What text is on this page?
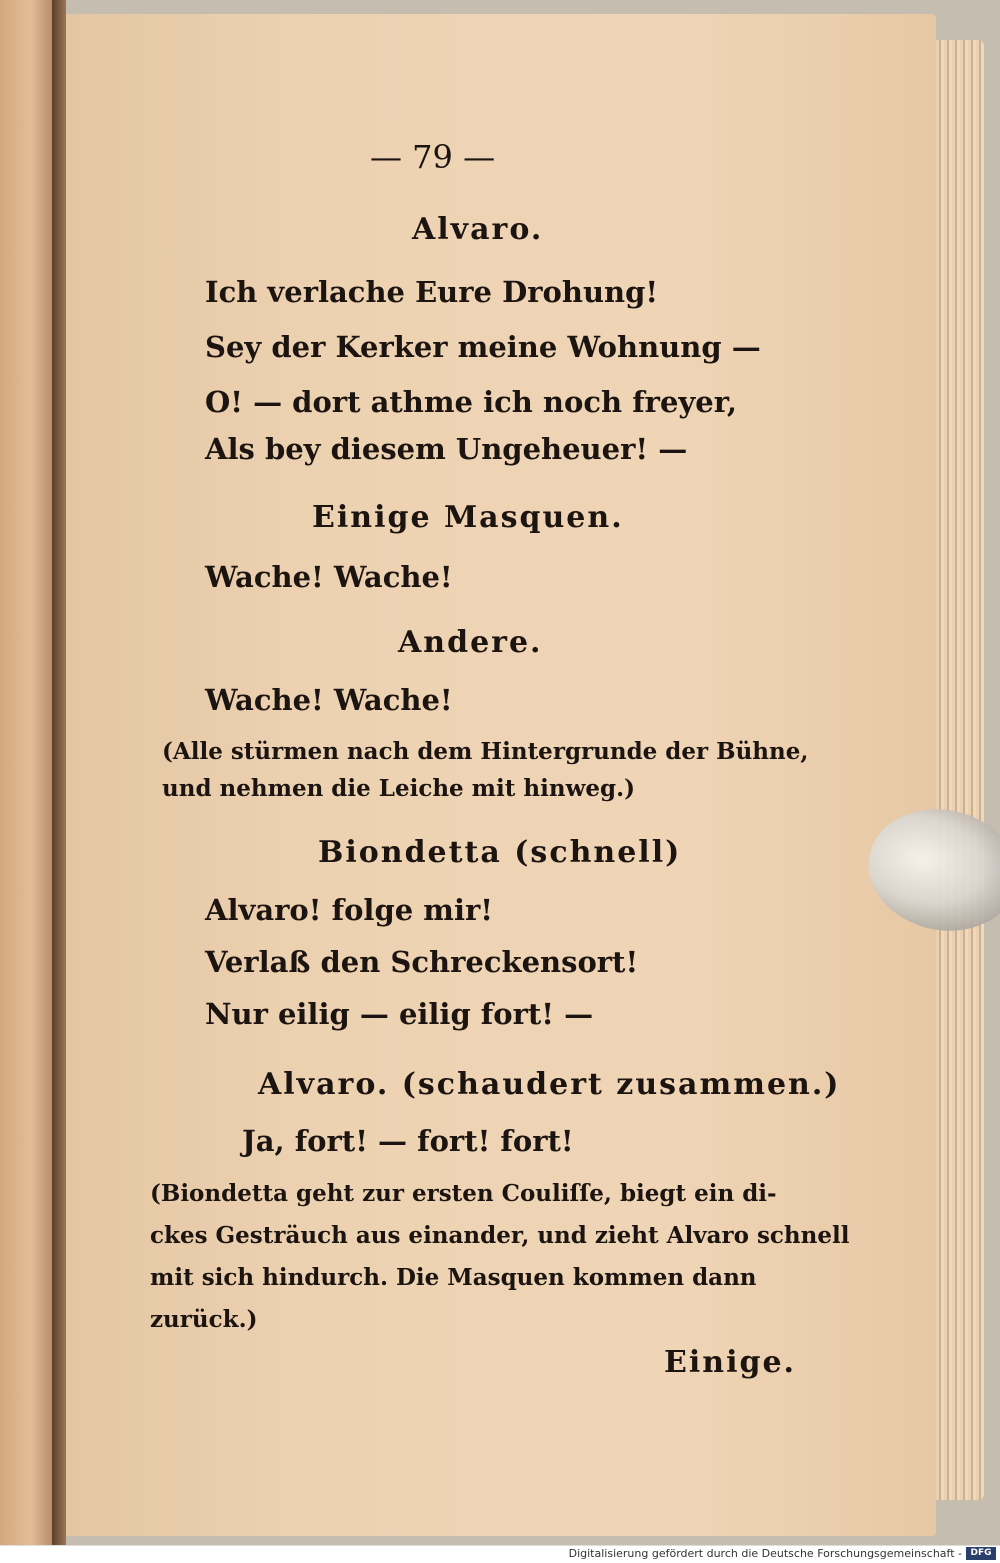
— 79 —
Alvaro.
Ich verlache Eure Drohung!
Sey der Kerker meine Wohnung —
O! — dort athme ich noch freyer,
Als bey diesem Ungeheuer! —
Einige Masquen.
Wache! Wache!
Andere.
Wache! Wache!
(Alle stürmen nach dem Hintergrunde der Bühne,
und nehmen die Leiche mit hinweg.)
Biondetta (schnell)
Alvaro! folge mir!
Verlaß den Schreckensort!
Nur eilig — eilig fort! —
Alvaro. (schaudert zusammen.)
Ja, fort! — fort! fort!
(Biondetta geht zur ersten Couliſſe, biegt ein di-
ckes Gesträuch aus einander, und zieht Alvaro schnell
mit sich hindurch. Die Masquen kommen dann
zurück.)
Einige.
Digitalisierung gefördert durch die Deutsche Forschungsgemeinschaft - DFG
